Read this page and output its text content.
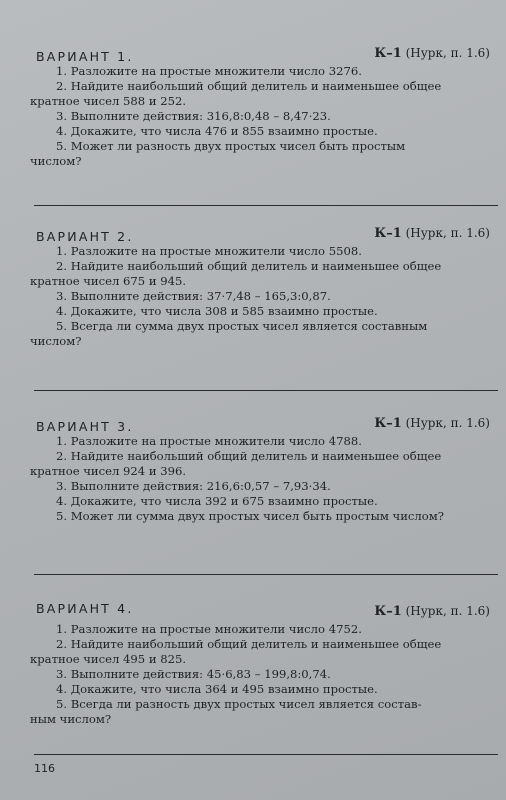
ВАРИАНТ 1.	К–1 (Нурк, п. 1.6)

1. Разложите на простые множители число 3276.

2. Найдите наибольший общий делитель и наименьшее общее

кратное чисел 588 и 252.

3. Выполните действия: 316,8:0,48 – 8,47·23.

4. Докажите, что числа 476 и 855 взаимно простые.

5. Может ли разность двух простых чисел быть простым

числом?

ВАРИАНТ 2.	К–1 (Нурк, п. 1.6)

1. Разложите на простые множители число 5508.

2. Найдите наибольший общий делитель и наименьшее общее

кратное чисел 675 и 945.

3. Выполните действия: 37·7,48 – 165,3:0,87.

4. Докажите, что числа 308 и 585 взаимно простые.

5. Всегда ли сумма двух простых чисел является составным

числом?

ВАРИАНТ 3.	К–1 (Нурк, п. 1.6)

1. Разложите на простые множители число 4788.

2. Найдите наибольший общий делитель и наименьшее общее

кратное чисел 924 и 396.

3. Выполните действия: 216,6:0,57 – 7,93·34.

4. Докажите, что числа 392 и 675 взаимно простые.

5. Может ли сумма двух простых чисел быть простым числом?

ВАРИАНТ 4.	К–1 (Нурк, п. 1.6)

1. Разложите на простые множители число 4752.

2. Найдите наибольший общий делитель и наименьшее общее

кратное чисел 495 и 825.

3. Выполните действия: 45·6,83 – 199,8:0,74.

4. Докажите, что числа 364 и 495 взаимно простые.

5. Всегда ли разность двух простых чисел является состав-

ным числом?

116
